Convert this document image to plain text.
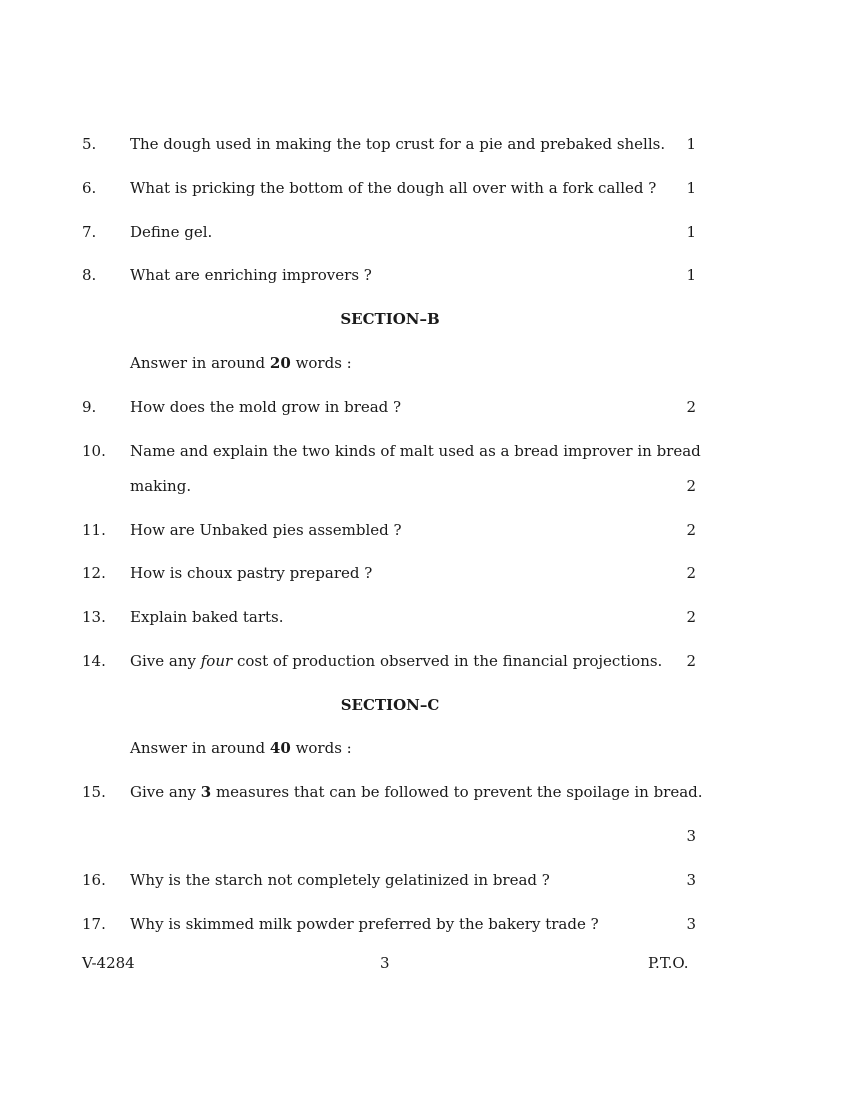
5. The dough used in making the top crust for a pie and prebaked shells. 1
6. What is pricking the bottom of the dough all over with a fork called ? 1
7. Define gel.	1
8. What are enriching improvers ?	1
SECTION–B
Answer in around 20 words :
9. How does the mold grow in bread ?	2
10. Name and explain the two kinds of malt used as a bread improver in bread
making.	2
11. How are Unbaked pies assembled ?	2
12. How is choux pastry prepared ?	2
13. Explain baked tarts.	2
14. Give any four cost of production observed in the financial projections. 2
SECTION–C
Answer in around 40 words :
15. Give any 3 measures that can be followed to prevent the spoilage in bread.
3
16. Why is the starch not completely gelatinized in bread ?	3
17. Why is skimmed milk powder preferred by the bakery trade ?	3
V-4284	3	P.T.O.
